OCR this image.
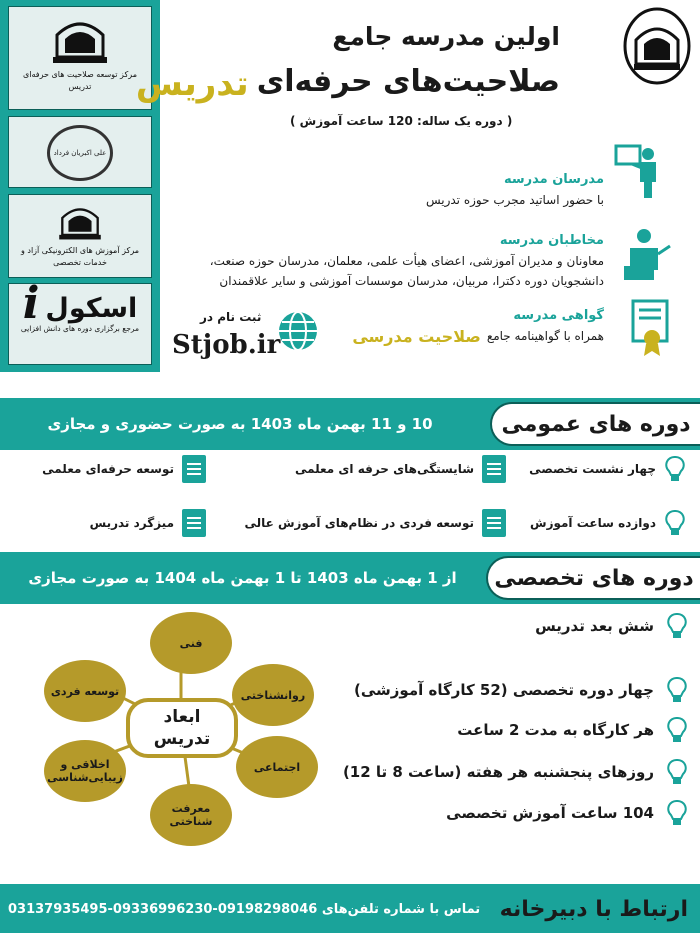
مرکز توسعه صلاحیت های حرفه‌ای تدریس
علی اکبریان فرداد
مرکز آموزش های الکترونیکی آزاد و خدمات تخصصی
اسکول
i
مرجع برگزاری دوره های دانش افزایی
اولین مدرسه جامع
صلاحیت‌های حرفه‌ای
تدریس
( دوره یک ساله: 120 ساعت آموزش )
مدرسان مدرسه
با حضور اساتید مجرب حوزه تدریس
مخاطبان مدرسه
معاونان و مدیران آموزشی، اعضای هیأت علمی، معلمان، مدرسان حوزه صنعت،
دانشجویان دوره دکترا، مربیان، مدرسان موسسات آموزشی و سایر علاقمندان
گواهی مدرسه
همراه با گواهینامه جامع
صلاحیت مدرسی
ثبت نام در
Stjob.ir
10 و 11 بهمن ماه 1403 به صورت حضوری و مجازی	دوره های عمومی
چهار نشست تخصصی
دوازده ساعت آموزش
شایستگی‌های حرفه ای معلمی
توسعه حرفه‌ای معلمی
توسعه فردی در نظام‌های آموزش عالی
میزگرد تدریس
از 1 بهمن ماه 1403 تا 1 بهمن ماه 1404 به صورت مجازی	دوره های تخصصی
فنی
روانشناختی
اجتماعی
معرفت شناختی
اخلاقی و زیبایی‌شناسی
توسعه فردی
ابعاد
تدریس
شش بعد تدریس
چهار دوره تخصصی (52 کارگاه آموزشی)
هر کارگاه به مدت 2 ساعت
روزهای پنجشنبه هر هفته (ساعت 8 تا 12)
104 ساعت آموزش تخصصی
ارتباط با دبیرخانه
تماس با شماره تلفن‌های 09198298046-09336996230-03137935495
